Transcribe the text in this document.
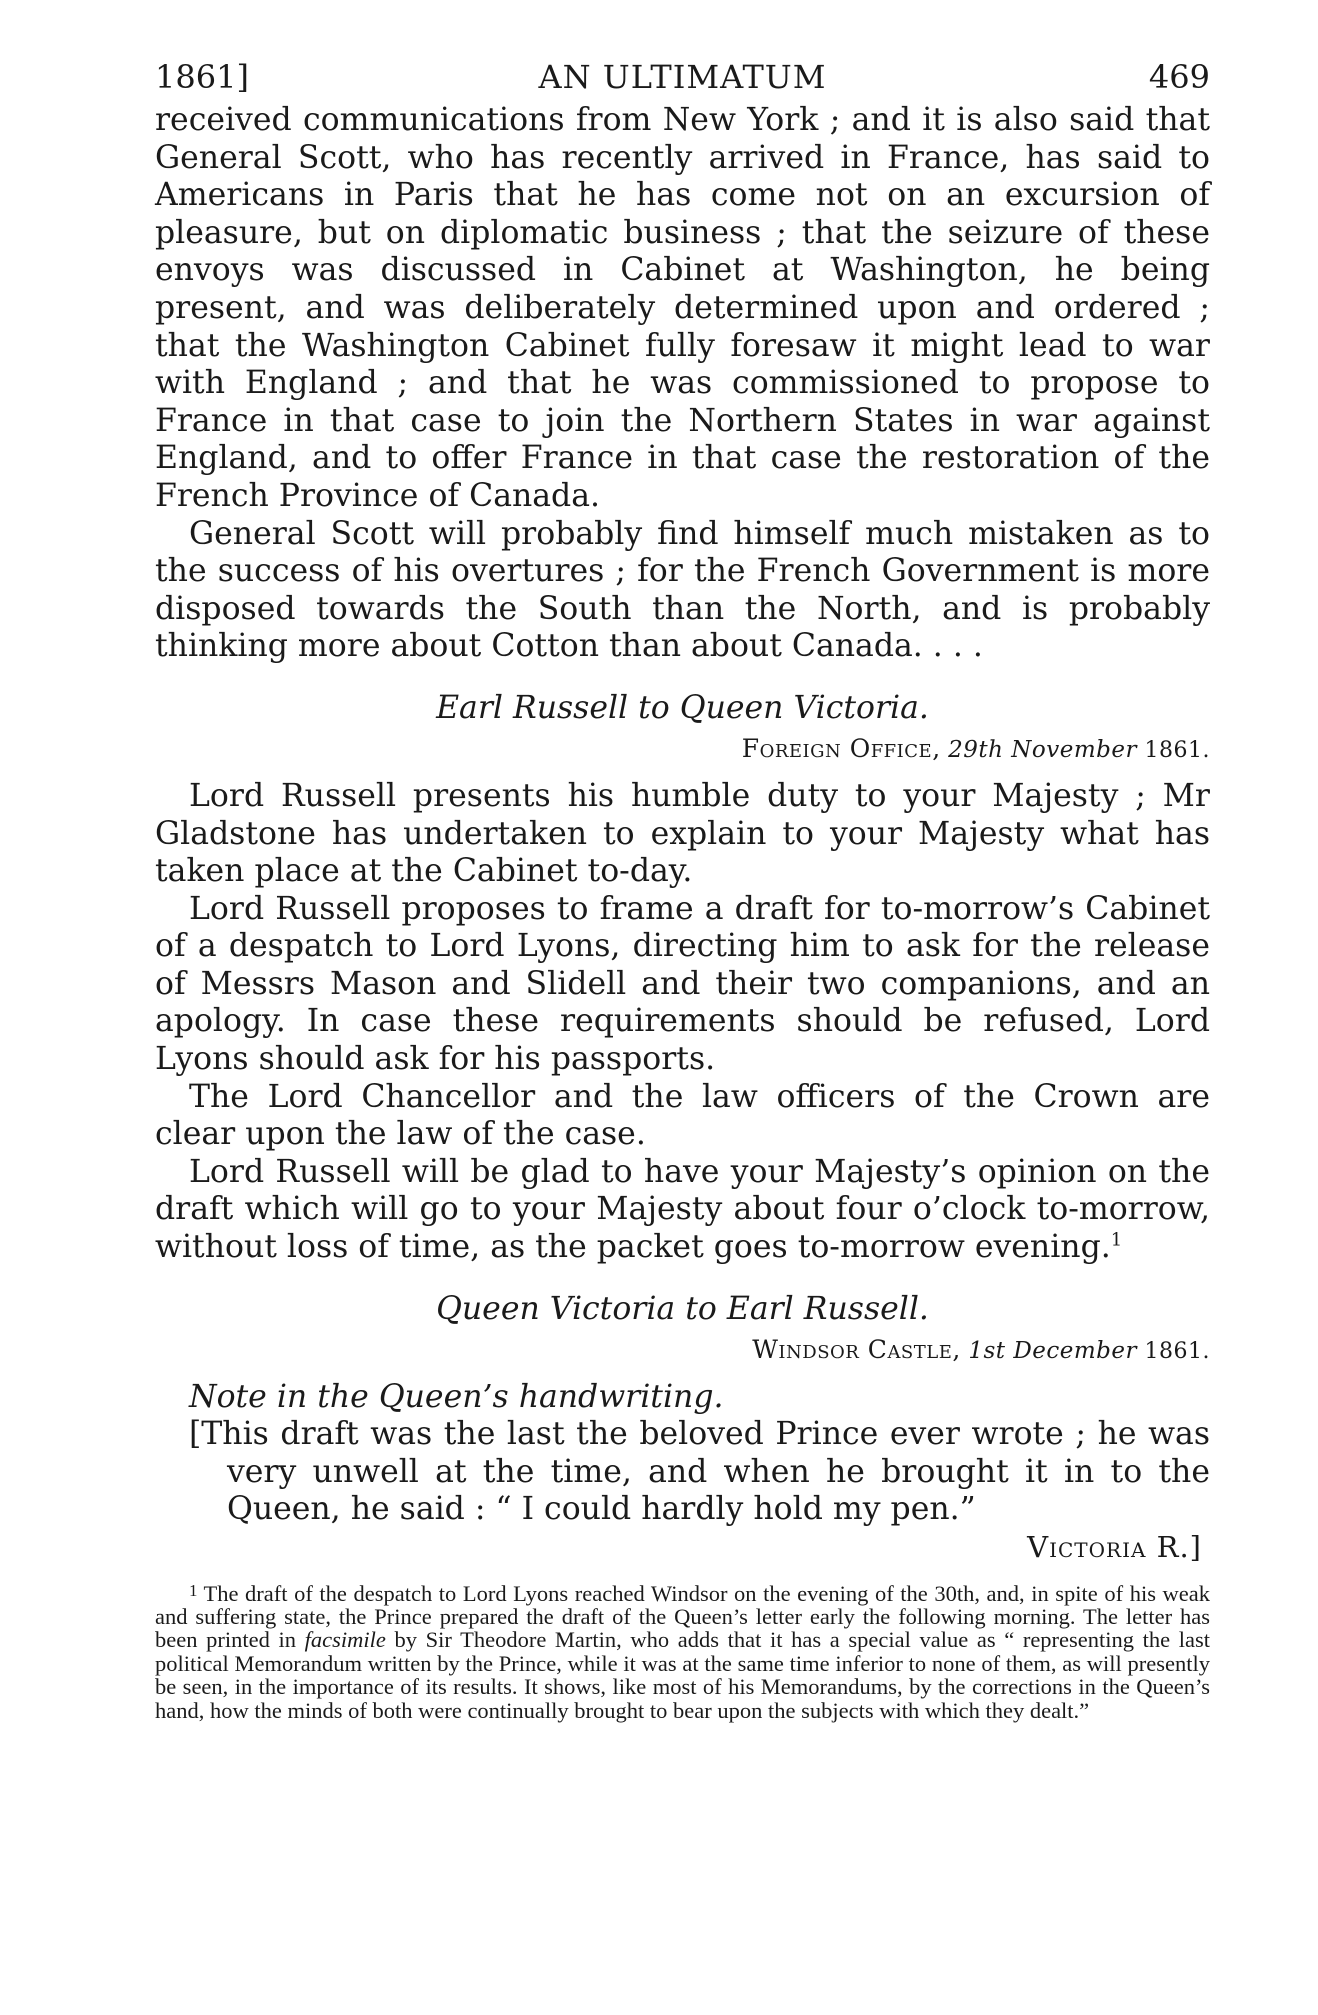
1861]	AN ULTIMATUM	469

received communications from New York ; and it is also said that General Scott, who has recently arrived in France, has said to Americans in Paris that he has come not on an excursion of pleasure, but on diplomatic business ; that the seizure of these envoys was discussed in Cabinet at Washington, he being present, and was deliberately determined upon and ordered ; that the Washington Cabinet fully foresaw it might lead to war with England ; and that he was commissioned to propose to France in that case to join the Northern States in war against England, and to offer France in that case the restoration of the French Province of Canada.

General Scott will probably find himself much mistaken as to the success of his overtures ; for the French Government is more disposed towards the South than the North, and is probably thinking more about Cotton than about Canada. . . .

Earl Russell to Queen Victoria.
Foreign Office, 29th November 1861.

Lord Russell presents his humble duty to your Majesty ; Mr Gladstone has undertaken to explain to your Majesty what has taken place at the Cabinet to-day.

Lord Russell proposes to frame a draft for to-morrow’s Cabinet of a despatch to Lord Lyons, directing him to ask for the release of Messrs Mason and Slidell and their two companions, and an apology. In case these requirements should be refused, Lord Lyons should ask for his passports.

The Lord Chancellor and the law officers of the Crown are clear upon the law of the case.

Lord Russell will be glad to have your Majesty’s opinion on the draft which will go to your Majesty about four o’clock to-morrow, without loss of time, as the packet goes to-morrow evening.$^1$

Queen Victoria to Earl Russell.
Windsor Castle, 1st December 1861.

Note in the Queen’s handwriting.

[This draft was the last the beloved Prince ever wrote ; he was very unwell at the time, and when he brought it in to the Queen, he said : “ I could hardly hold my pen.”

Victoria R.]

$^1$ The draft of the despatch to Lord Lyons reached Windsor on the evening of the 30th, and, in spite of his weak and suffering state, the Prince prepared the draft of the Queen’s letter early the following morning. The letter has been printed in facsimile by Sir Theodore Martin, who adds that it has a special value as “ representing the last political Memorandum written by the Prince, while it was at the same time inferior to none of them, as will presently be seen, in the importance of its results. It shows, like most of his Memorandums, by the corrections in the Queen’s hand, how the minds of both were continually brought to bear upon the subjects with which they dealt.”
